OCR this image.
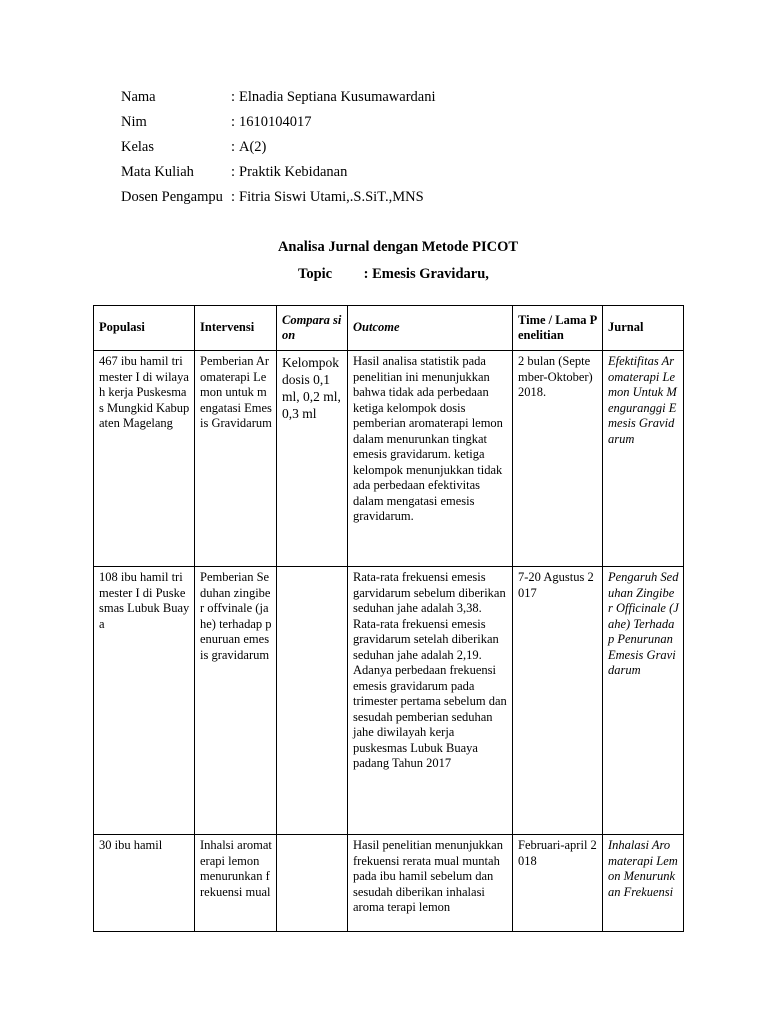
Nama	: Elnadia Septiana Kusumawardani
Nim	: 1610104017
Kelas	: A(2)
Mata Kuliah	: Praktik Kebidanan
Dosen Pengampu : Fitria Siswi Utami,.S.SiT.,MNS
Analisa Jurnal dengan Metode PICOT
Topic : Emesis Gravidaru,
Populasi	Intervensi	Compara sion	Outcome	Time / Lama Penelitian	Jurnal
467 ibu hamil trimester I di wilayah kerja Puskesmas Mungkid Kabupaten Magelang	Pemberian Aromaterapi Lemon untuk mengatasi Emesis Gravidarum	Kelompok dosis 0,1 ml, 0,2 ml, 0,3 ml	Hasil analisa statistik pada penelitian ini menunjukkan bahwa tidak ada perbedaan ketiga kelompok dosis pemberian aromaterapi lemon dalam menurunkan tingkat emesis gravidarum. ketiga kelompok menunjukkan tidak ada perbedaan efektivitas dalam mengatasi emesis gravidarum.	2 bulan (September-Oktober) 2018.	Efektifitas Aromaterapi Lemon Untuk Menguranggi Emesis Gravidarum
108 ibu hamil trimester I di Puskesmas Lubuk Buaya	Pemberian Seduhan zingiber offvinale (jahe) terhadap penuruan emesis gravidarum		Rata-rata frekuensi emesis garvidarum sebelum diberikan seduhan jahe adalah 3,38. Rata-rata frekuensi emesis gravidarum setelah diberikan seduhan jahe adalah 2,19. Adanya perbedaan frekuensi emesis gravidarum pada trimester pertama sebelum dan sesudah pemberian seduhan jahe diwilayah kerja puskesmas Lubuk Buaya padang Tahun 2017	7-20 Agustus 2017	Pengaruh Seduhan Zingiber Officinale (Jahe) Terhadap Penurunan Emesis Gravidarum
30 ibu hamil	Inhalsi aromaterapi lemon menurunkan frekuensi mual		Hasil penelitian menunjukkan frekuensi rerata mual muntah pada ibu hamil sebelum dan sesudah diberikan inhalasi aroma terapi lemon	Februari-april 2018	Inhalasi Aromaterapi Lemon Menurunkan Frekuensi
